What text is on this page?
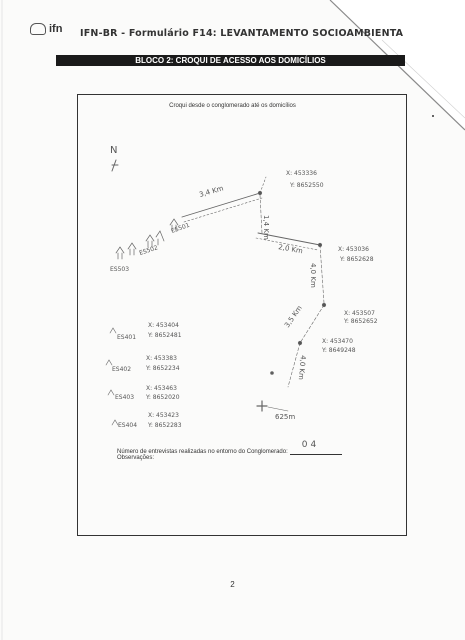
ifn IFN-BR - Formulário F14: LEVANTAMENTO SOCIOAMBIENTA
BLOCO 2: CROQUI DE ACESSO AOS DOMICÍLIOS
Croqui desde o conglomerado até os domicílios
N
3,4 Km
1,4 Km
2,0 Km
4,0 Km
3,5 Km
4,0 Km
625m
X: 453336
Y: 8652550
X: 453036
Y: 8652628
X: 453507
Y: 8652652
X: 453470
Y: 8649248
ES501
ES502
ES503
ES401
X: 453404
Y: 8652481
ES402
X: 453383
Y: 8652234
ES403
X: 453463
Y: 8652020
ES404
X: 453423
Y: 8652283
Número de entrevistas realizadas no entorno do Conglomerado:
04
Observações:
2
